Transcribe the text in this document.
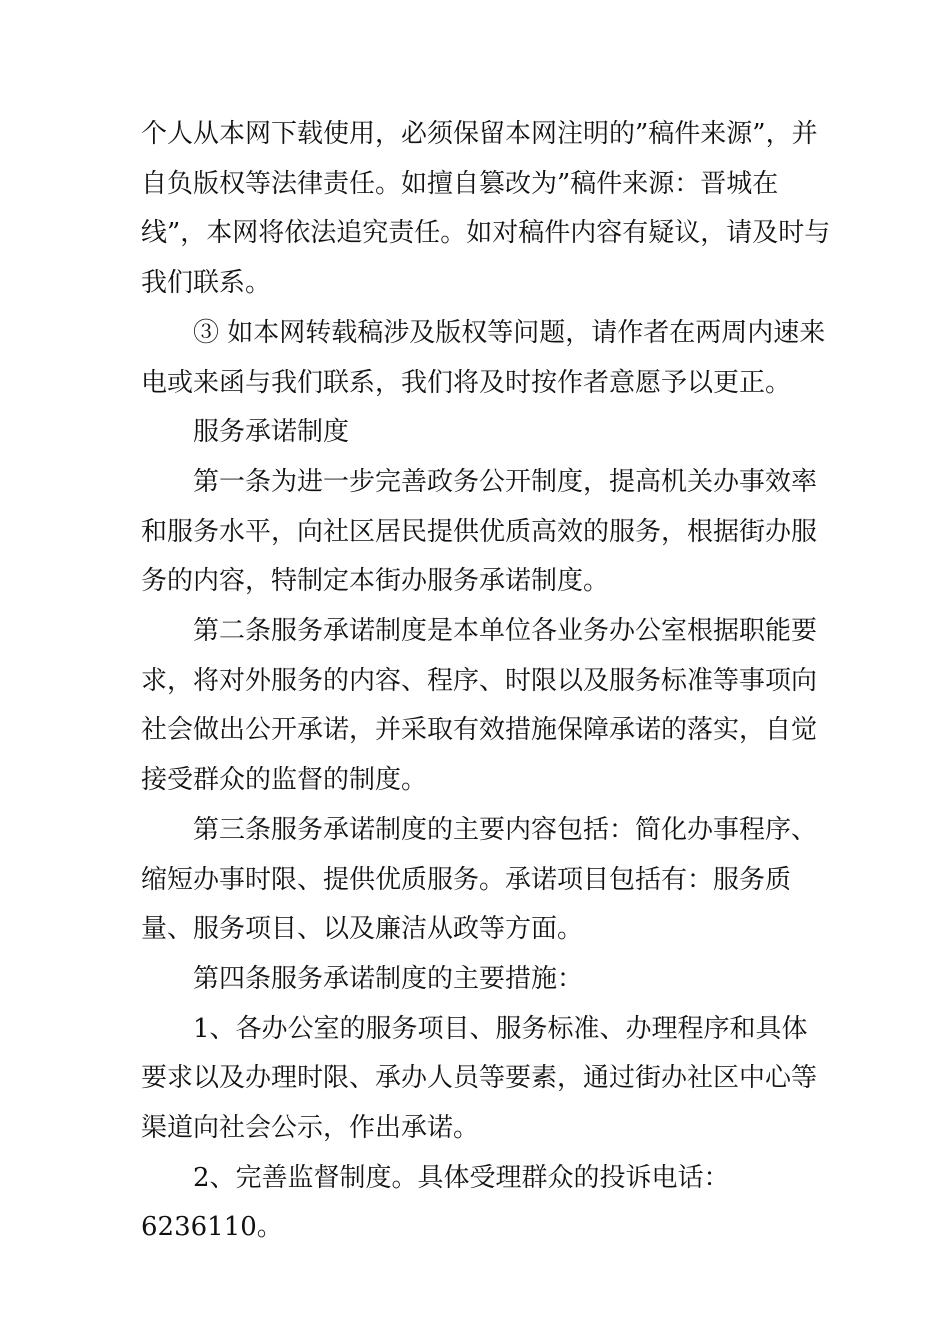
个人从本网下载使用，必须保留本网注明的”稿件来源”，并自负版权等法律责任。如擅自篡改为”稿件来源：晋城在线”，本网将依法追究责任。如对稿件内容有疑议，请及时与我们联系。

③ 如本网转载稿涉及版权等问题，请作者在两周内速来电或来函与我们联系，我们将及时按作者意愿予以更正。

服务承诺制度

第一条为进一步完善政务公开制度，提高机关办事效率和服务水平，向社区居民提供优质高效的服务，根据街办服务的内容，特制定本街办服务承诺制度。

第二条服务承诺制度是本单位各业务办公室根据职能要求，将对外服务的内容、程序、时限以及服务标准等事项向社会做出公开承诺，并采取有效措施保障承诺的落实，自觉接受群众的监督的制度。

第三条服务承诺制度的主要内容包括：简化办事程序、缩短办事时限、提供优质服务。承诺项目包括有：服务质量、服务项目、以及廉洁从政等方面。

第四条服务承诺制度的主要措施：

1、各办公室的服务项目、服务标准、办理程序和具体要求以及办理时限、承办人员等要素，通过街办社区中心等渠道向社会公示，作出承诺。

2、完善监督制度。具体受理群众的投诉电话：6236110。
